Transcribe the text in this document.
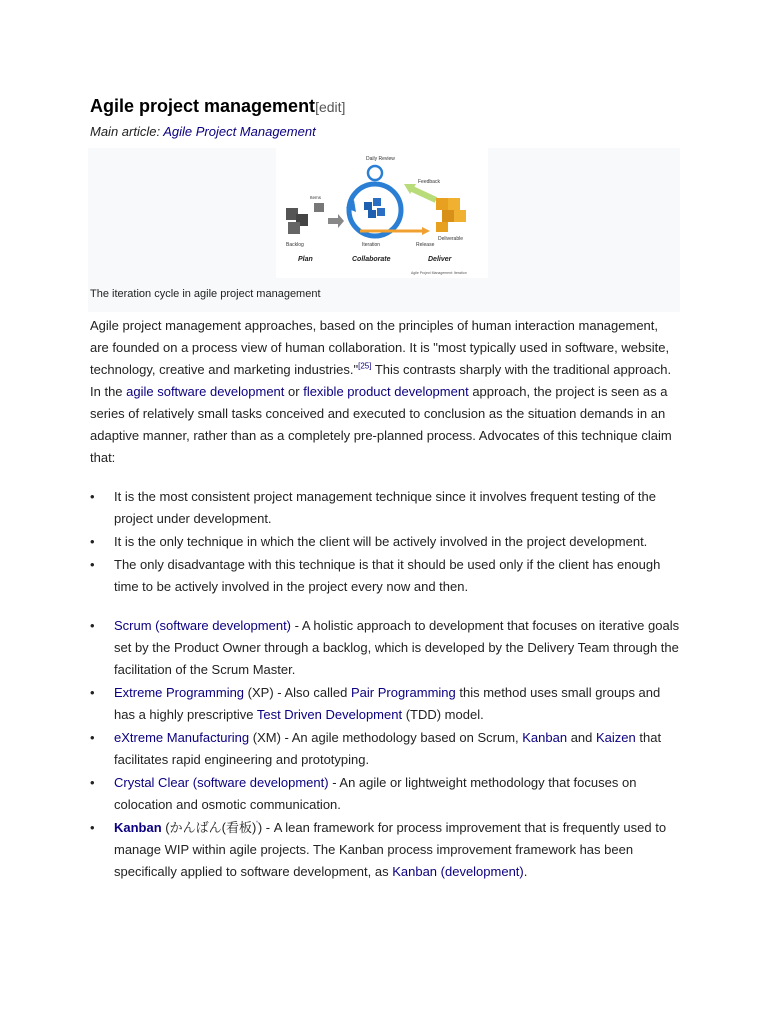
Agile project management[edit]
Main article: Agile Project Management
Daily Review
Feedback
Items
Backlog
Deliverable
Iteration	Release
Plan	Collaborate	Deliver
Agile Project Management: Iteration
The iteration cycle in agile project management
Agile project management approaches, based on the principles of human interaction management, are founded on a process view of human collaboration. It is "most typically used in software, website, technology, creative and marketing industries."[25] This contrasts sharply with the traditional approach. In the agile software development or flexible product development approach, the project is seen as a series of relatively small tasks conceived and executed to conclusion as the situation demands in an adaptive manner, rather than as a completely pre-planned process. Advocates of this technique claim that:
• It is the most consistent project management technique since it involves frequent testing of the project under development.
• It is the only technique in which the client will be actively involved in the project development.
• The only disadvantage with this technique is that it should be used only if the client has enough time to be actively involved in the project every now and then.
• Scrum (software development) - A holistic approach to development that focuses on iterative goals set by the Product Owner through a backlog, which is developed by the Delivery Team through the facilitation of the Scrum Master.
• Extreme Programming (XP) - Also called Pair Programming this method uses small groups and has a highly prescriptive Test Driven Development (TDD) model.
• eXtreme Manufacturing (XM) - An agile methodology based on Scrum, Kanban and Kaizen that facilitates rapid engineering and prototyping.
• Crystal Clear (software development) - An agile or lightweight methodology that focuses on colocation and osmotic communication.
• Kanban (かんばん(看板)$^ʹ$) - A lean framework for process improvement that is frequently used to manage WIP within agile projects. The Kanban process improvement framework has been specifically applied to software development, as Kanban (development).
